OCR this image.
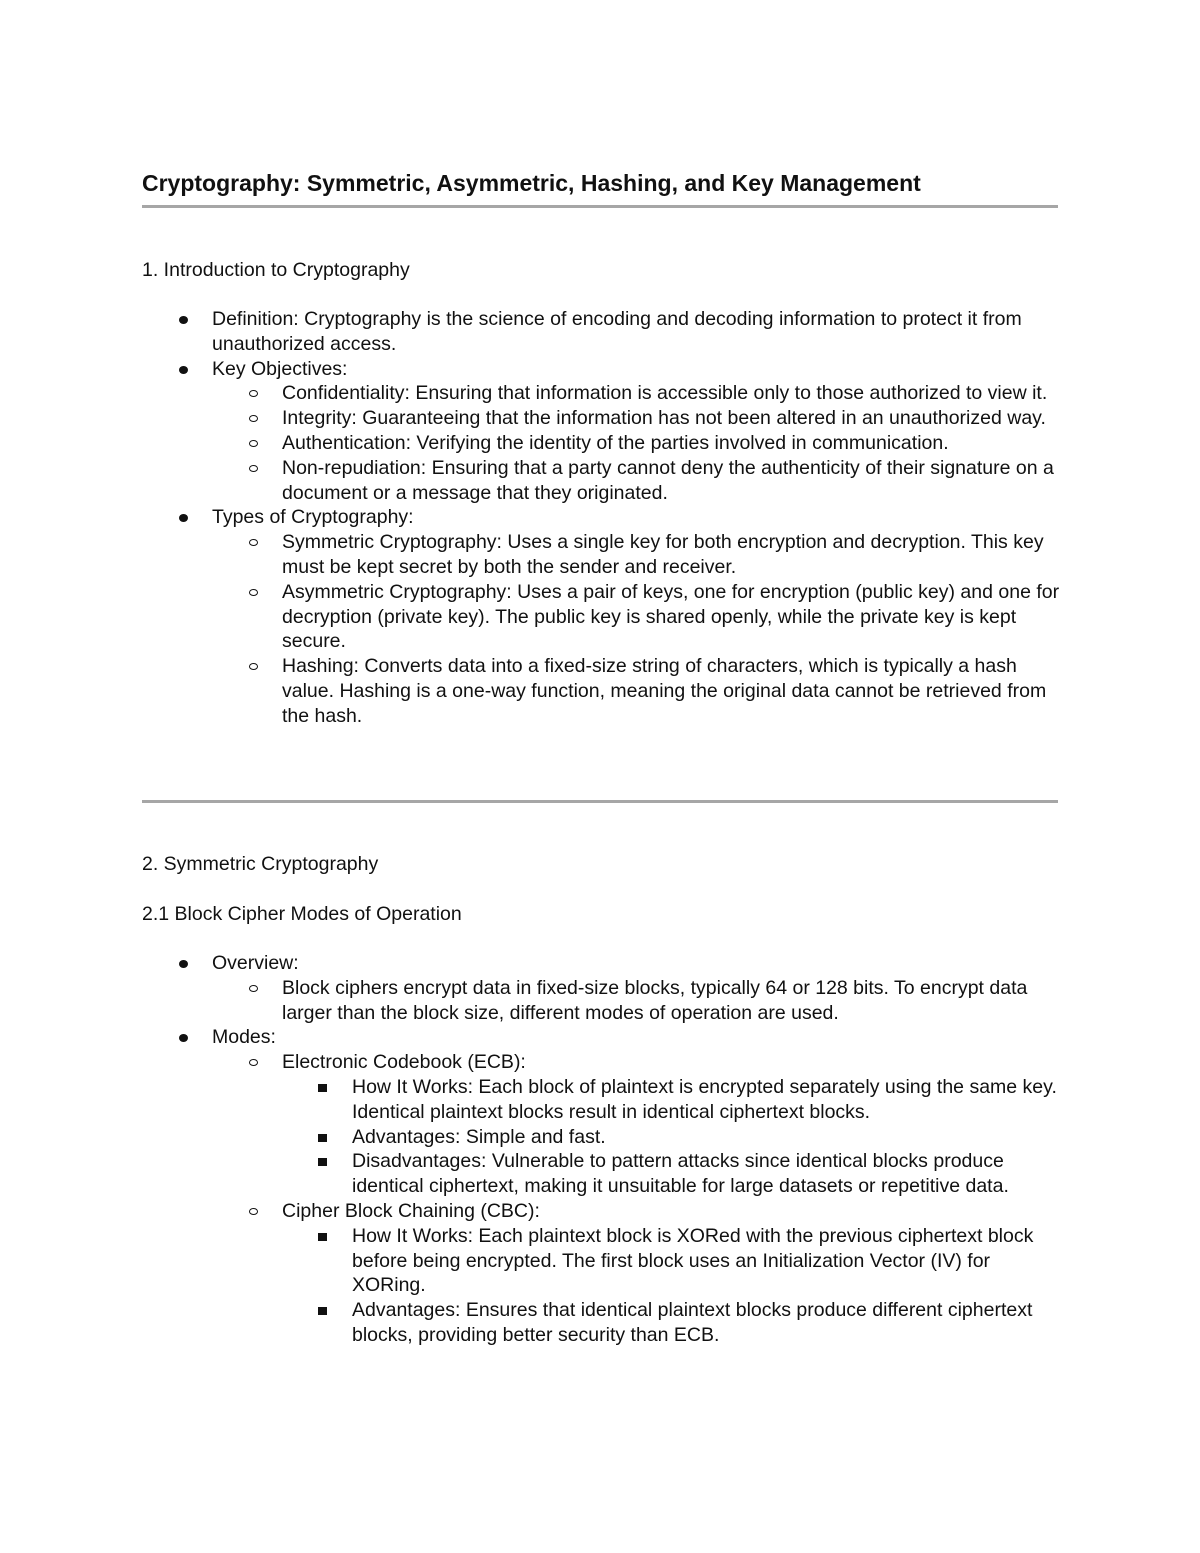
Cryptography: Symmetric, Asymmetric, Hashing, and Key Management
1. Introduction to Cryptography
Definition: Cryptography is the science of encoding and decoding information to protect it from unauthorized access.
Key Objectives:
Confidentiality: Ensuring that information is accessible only to those authorized to view it.
Integrity: Guaranteeing that the information has not been altered in an unauthorized way.
Authentication: Verifying the identity of the parties involved in communication.
Non-repudiation: Ensuring that a party cannot deny the authenticity of their signature on a document or a message that they originated.
Types of Cryptography:
Symmetric Cryptography: Uses a single key for both encryption and decryption. This key must be kept secret by both the sender and receiver.
Asymmetric Cryptography: Uses a pair of keys, one for encryption (public key) and one for decryption (private key). The public key is shared openly, while the private key is kept secure.
Hashing: Converts data into a fixed-size string of characters, which is typically a hash value. Hashing is a one-way function, meaning the original data cannot be retrieved from the hash.
2. Symmetric Cryptography
2.1 Block Cipher Modes of Operation
Overview:
Block ciphers encrypt data in fixed-size blocks, typically 64 or 128 bits. To encrypt data larger than the block size, different modes of operation are used.
Modes:
Electronic Codebook (ECB):
How It Works: Each block of plaintext is encrypted separately using the same key. Identical plaintext blocks result in identical ciphertext blocks.
Advantages: Simple and fast.
Disadvantages: Vulnerable to pattern attacks since identical blocks produce identical ciphertext, making it unsuitable for large datasets or repetitive data.
Cipher Block Chaining (CBC):
How It Works: Each plaintext block is XORed with the previous ciphertext block before being encrypted. The first block uses an Initialization Vector (IV) for XORing.
Advantages: Ensures that identical plaintext blocks produce different ciphertext blocks, providing better security than ECB.
